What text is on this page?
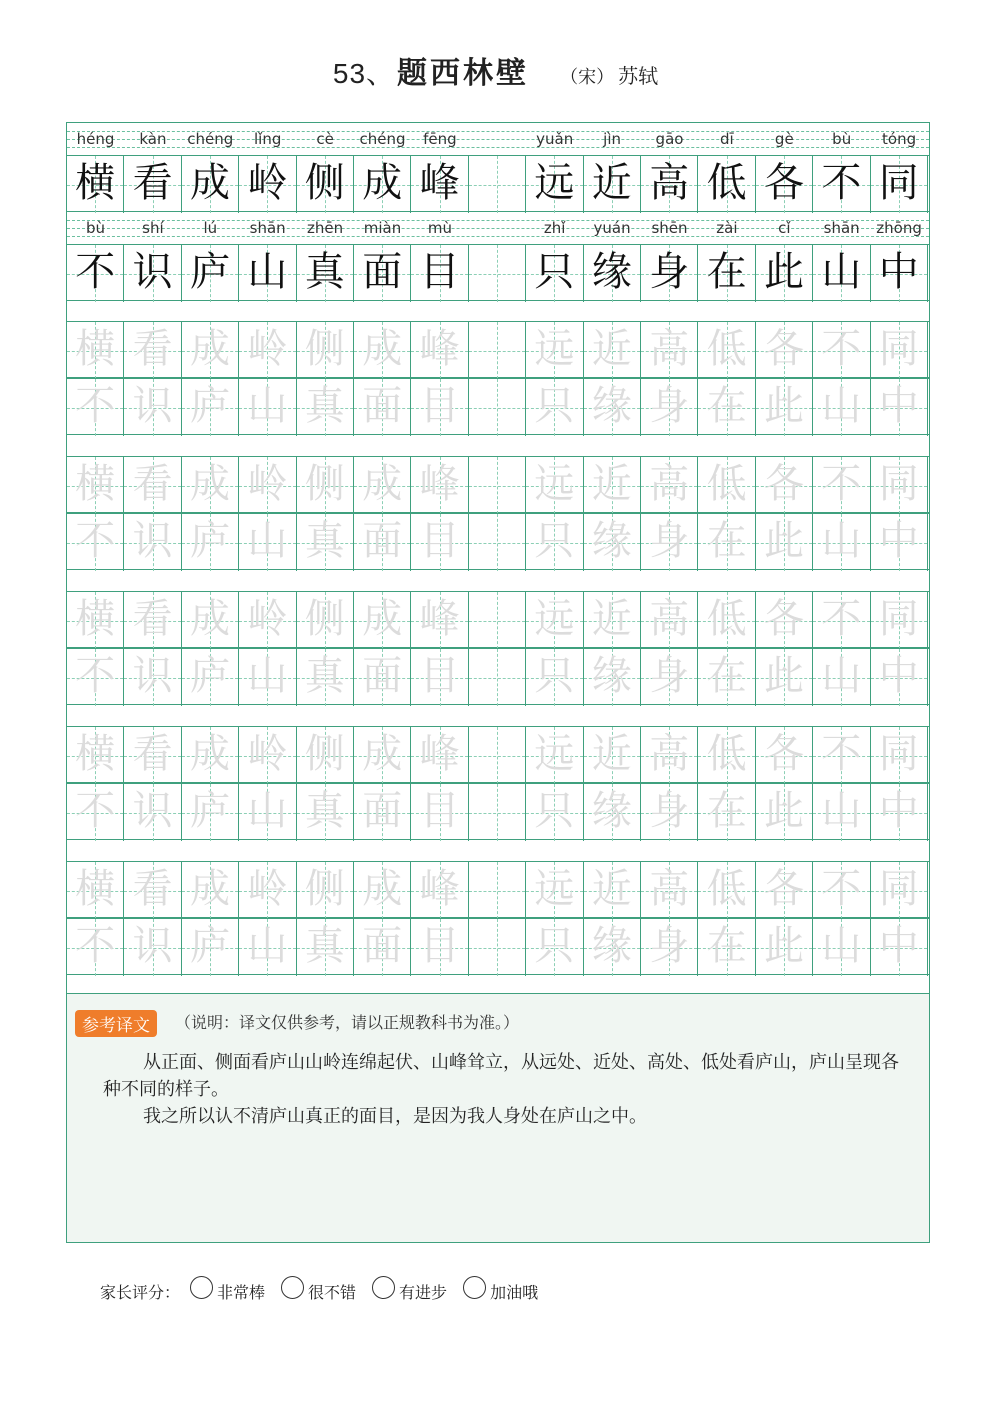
53、题西林壁 （宋） 苏轼
héng	kàn	chéng	lǐng	cè	chéng	fēng	yuǎn	jìn	gāo	dī	gè	bù	tóng
横 看 成 岭 侧 成 峰 远 近 高 低 各 不 同
bù	shí	lú	shān	zhēn	miàn	mù	zhǐ	yuán	shēn	zài	cǐ	shān	zhōng
不 识 庐 山 真 面 目 只 缘 身 在 此 山 中
横 看 成 岭 侧 成 峰 远 近 高 低 各 不 同
不 识 庐 山 真 面 目 只 缘 身 在 此 山 中
横 看 成 岭 侧 成 峰 远 近 高 低 各 不 同
不 识 庐 山 真 面 目 只 缘 身 在 此 山 中
横 看 成 岭 侧 成 峰 远 近 高 低 各 不 同
不 识 庐 山 真 面 目 只 缘 身 在 此 山 中
横 看 成 岭 侧 成 峰 远 近 高 低 各 不 同
不 识 庐 山 真 面 目 只 缘 身 在 此 山 中
横 看 成 岭 侧 成 峰 远 近 高 低 各 不 同
不 识 庐 山 真 面 目 只 缘 身 在 此 山 中
参考译文	（说明：译文仅供参考，请以正规教科书为准。）
从正面、侧面看庐山山岭连绵起伏、山峰耸立，从远处、近处、高处、低处看庐山，庐山呈现各种不同的样子。
我之所以认不清庐山真正的面目，是因为我人身处在庐山之中。
家长评分： 非常棒	很不错	有进步	加油哦
